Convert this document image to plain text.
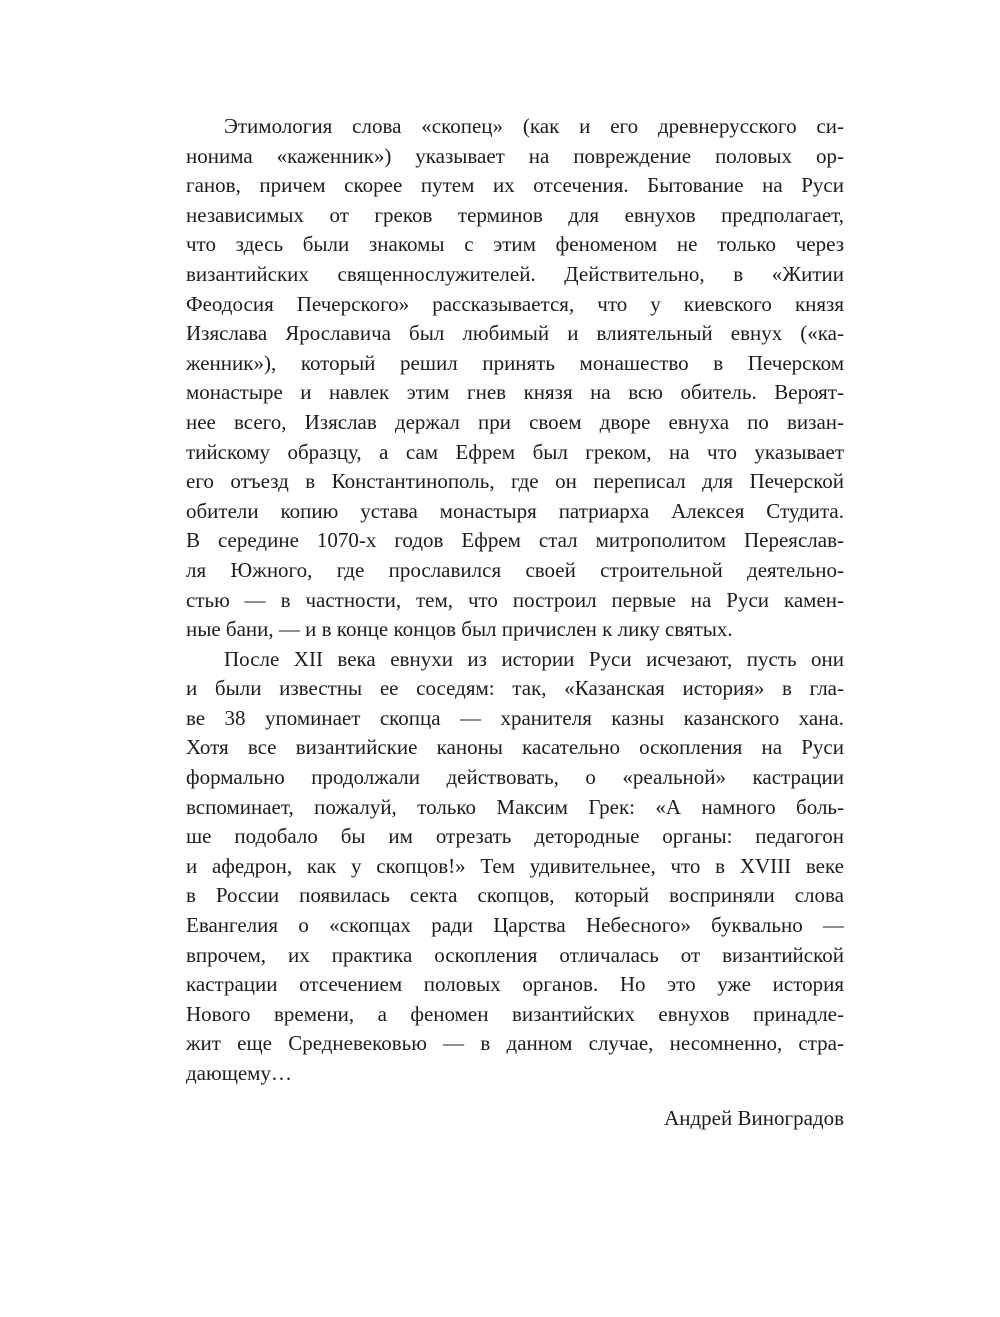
Этимология слова «скопец» (как и его древнерусского си-
нонима «каженник») указывает на повреждение половых ор-
ганов, причем скорее путем их отсечения. Бытование на Руси
независимых от греков терминов для евнухов предполагает,
что здесь были знакомы с этим феноменом не только через
византийских священнослужителей. Действительно, в «Житии
Феодосия Печерского» рассказывается, что у киевского князя
Изяслава Ярославича был любимый и влиятельный евнух («ка-
женник»), который решил принять монашество в Печерском
монастыре и навлек этим гнев князя на всю обитель. Вероят-
нее всего, Изяслав держал при своем дворе евнуха по визан-
тийскому образцу, а сам Ефрем был греком, на что указывает
его отъезд в Константинополь, где он переписал для Печерской
обители копию устава монастыря патриарха Алексея Студита.
В середине 1070-х годов Ефрем стал митрополитом Переяслав-
ля Южного, где прославился своей строительной деятельно-
стью — в частности, тем, что построил первые на Руси камен-
ные бани, — и в конце концов был причислен к лику святых.
После XII века евнухи из истории Руси исчезают, пусть они
и были известны ее соседям: так, «Казанская история» в гла-
ве 38 упоминает скопца — хранителя казны казанского хана.
Хотя все византийские каноны касательно оскопления на Руси
формально продолжали действовать, о «реальной» кастрации
вспоминает, пожалуй, только Максим Грек: «А намного боль-
ше подобало бы им отрезать детородные органы: педагогон
и афедрон, как у скопцов!» Тем удивительнее, что в XVIII веке
в России появилась секта скопцов, который восприняли слова
Евангелия о «скопцах ради Царства Небесного» буквально —
впрочем, их практика оскопления отличалась от византийской
кастрации отсечением половых органов. Но это уже история
Нового времени, а феномен византийских евнухов принадле-
жит еще Средневековью — в данном случае, несомненно, стра-
дающему…
Андрей Виноградов
